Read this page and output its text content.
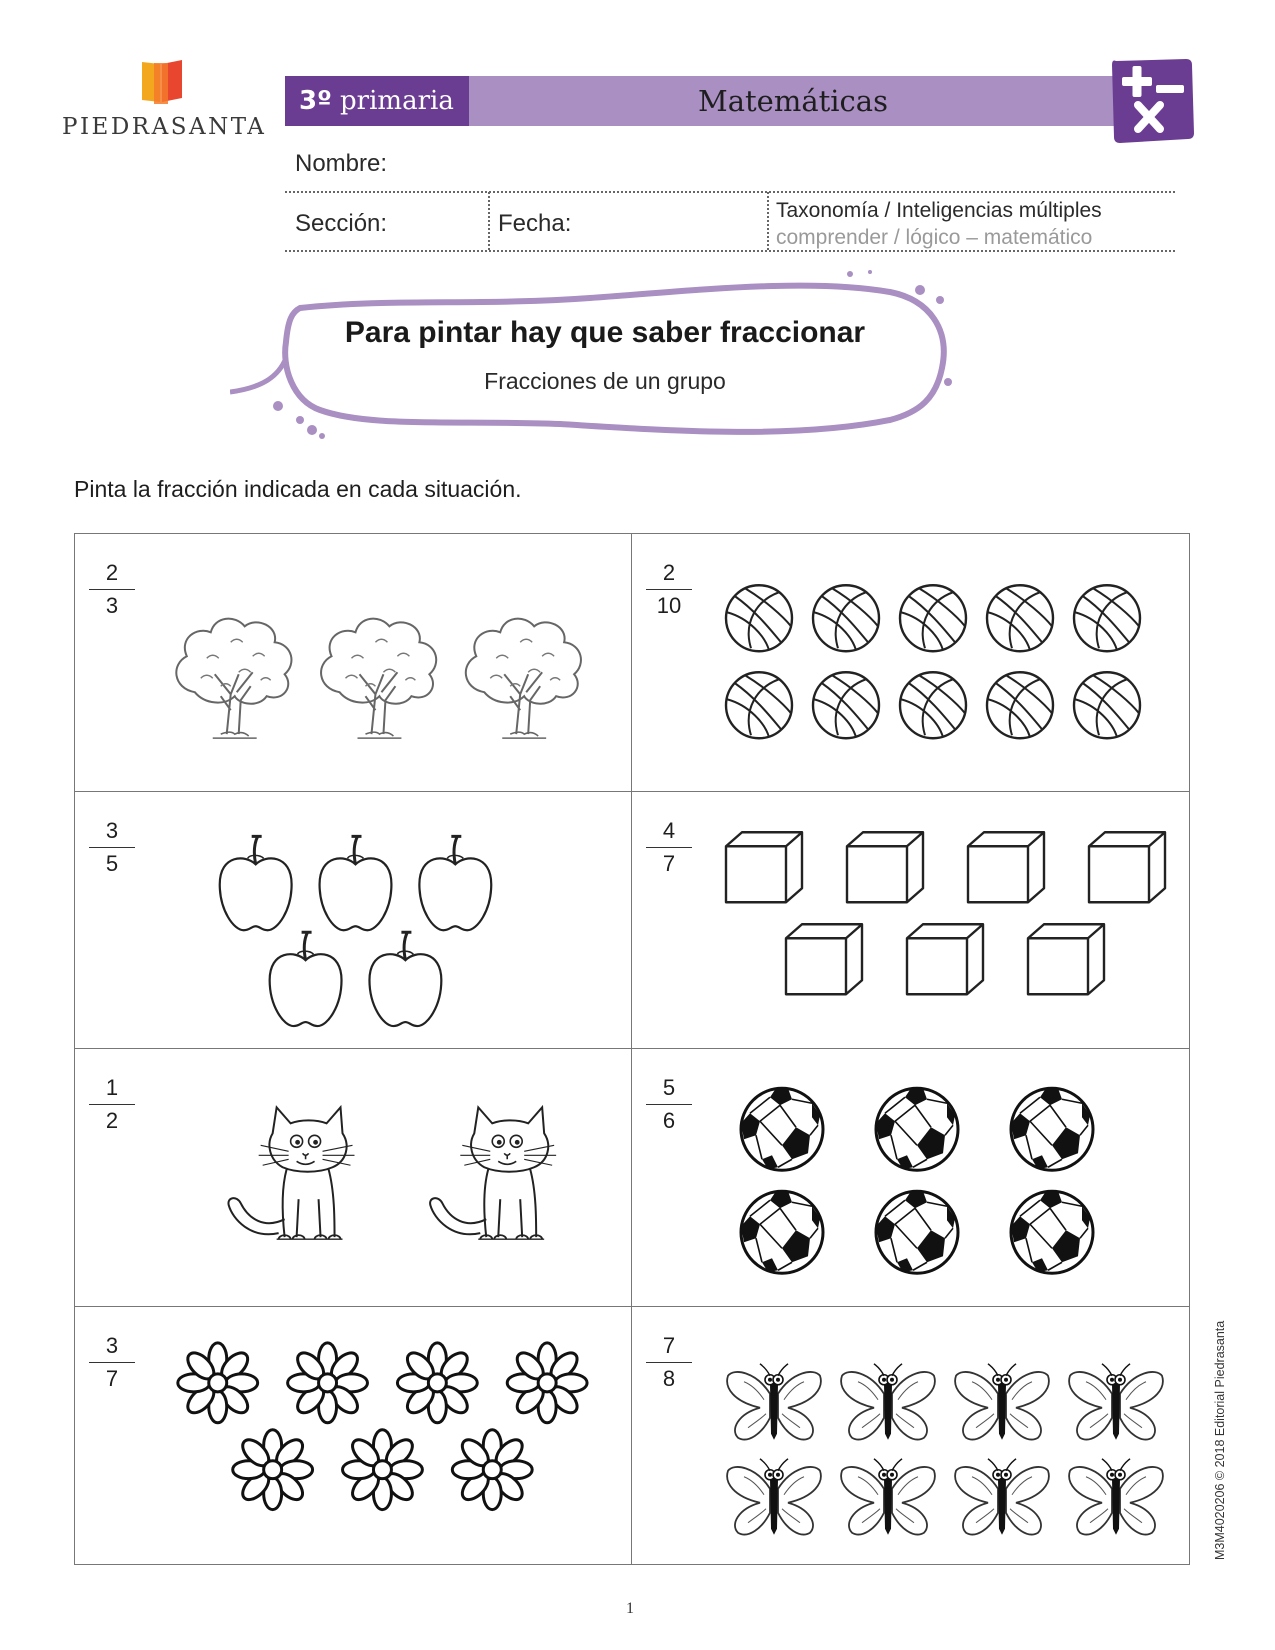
PIEDRASANTA
3º primaria	Matemáticas
Nombre:
Sección:	Fecha:	Taxonomía / Inteligencias múltiples
comprender / lógico – matemático
Para pintar hay que saber fraccionar
Fracciones de un grupo
Pinta la fracción indicada en cada situación.
$\frac{2}{3}$	$\frac{2}{10}$
$\frac{3}{5}$	$\frac{4}{7}$
$\frac{1}{2}$	$\frac{5}{6}$
$\frac{3}{7}$	$\frac{7}{8}$
1
M3M4020206 © 2018 Editorial Piedrasanta
